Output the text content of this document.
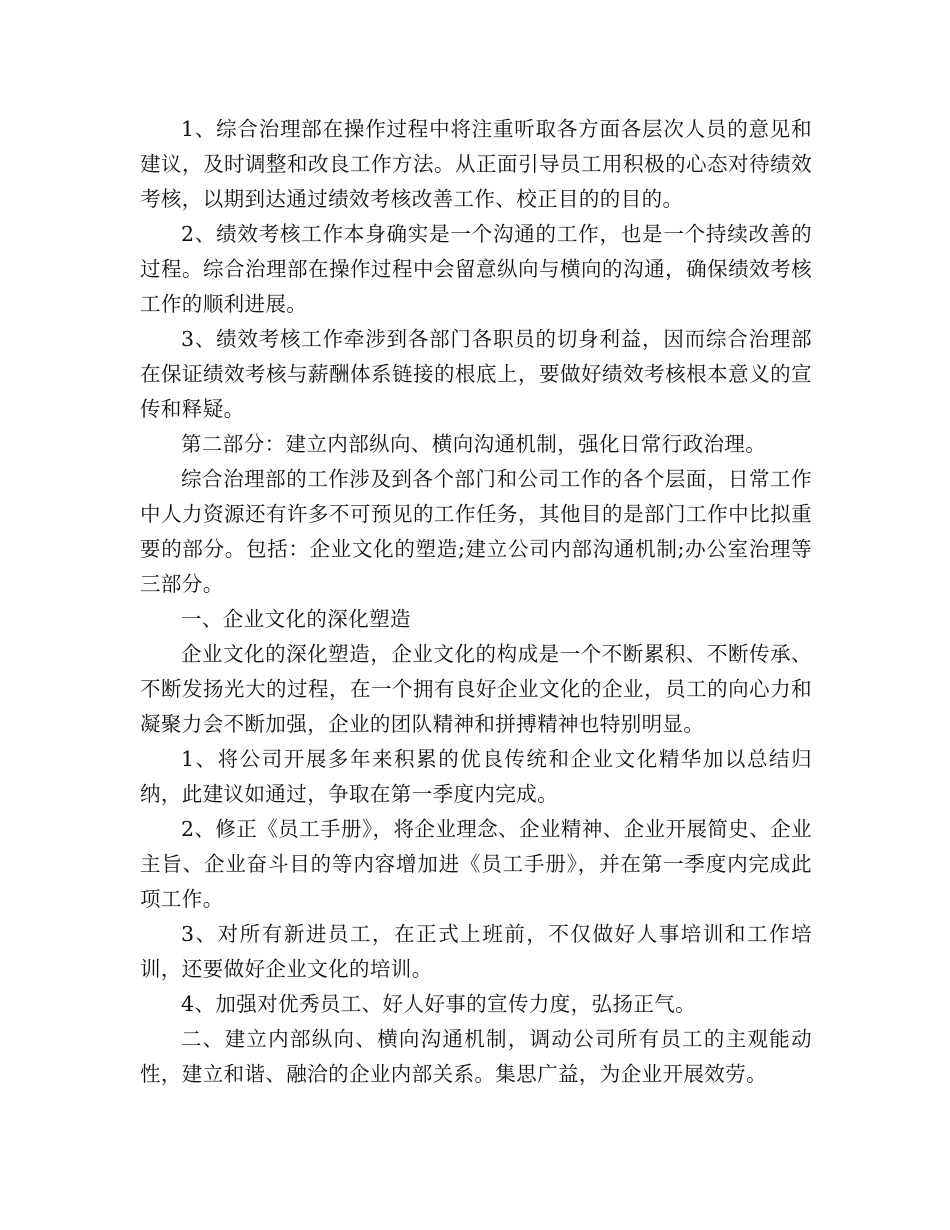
1、综合治理部在操作过程中将注重听取各方面各层次人员的意见和建议，及时调整和改良工作方法。从正面引导员工用积极的心态对待绩效考核，以期到达通过绩效考核改善工作、校正目的的目的。

2、绩效考核工作本身确实是一个沟通的工作，也是一个持续改善的过程。综合治理部在操作过程中会留意纵向与横向的沟通，确保绩效考核工作的顺利进展。

3、绩效考核工作牵涉到各部门各职员的切身利益，因而综合治理部在保证绩效考核与薪酬体系链接的根底上，要做好绩效考核根本意义的宣传和释疑。

第二部分：建立内部纵向、横向沟通机制，强化日常行政治理。

综合治理部的工作涉及到各个部门和公司工作的各个层面，日常工作中人力资源还有许多不可预见的工作任务，其他目的是部门工作中比拟重要的部分。包括：企业文化的塑造;建立公司内部沟通机制;办公室治理等三部分。

一、企业文化的深化塑造

企业文化的深化塑造，企业文化的构成是一个不断累积、不断传承、不断发扬光大的过程，在一个拥有良好企业文化的企业，员工的向心力和凝聚力会不断加强，企业的团队精神和拼搏精神也特别明显。

1、将公司开展多年来积累的优良传统和企业文化精华加以总结归纳，此建议如通过，争取在第一季度内完成。

2、修正《员工手册》，将企业理念、企业精神、企业开展简史、企业主旨、企业奋斗目的等内容增加进《员工手册》，并在第一季度内完成此项工作。

3、对所有新进员工，在正式上班前，不仅做好人事培训和工作培训，还要做好企业文化的培训。

4、加强对优秀员工、好人好事的宣传力度，弘扬正气。

二、建立内部纵向、横向沟通机制，调动公司所有员工的主观能动性，建立和谐、融洽的企业内部关系。集思广益，为企业开展效劳。
